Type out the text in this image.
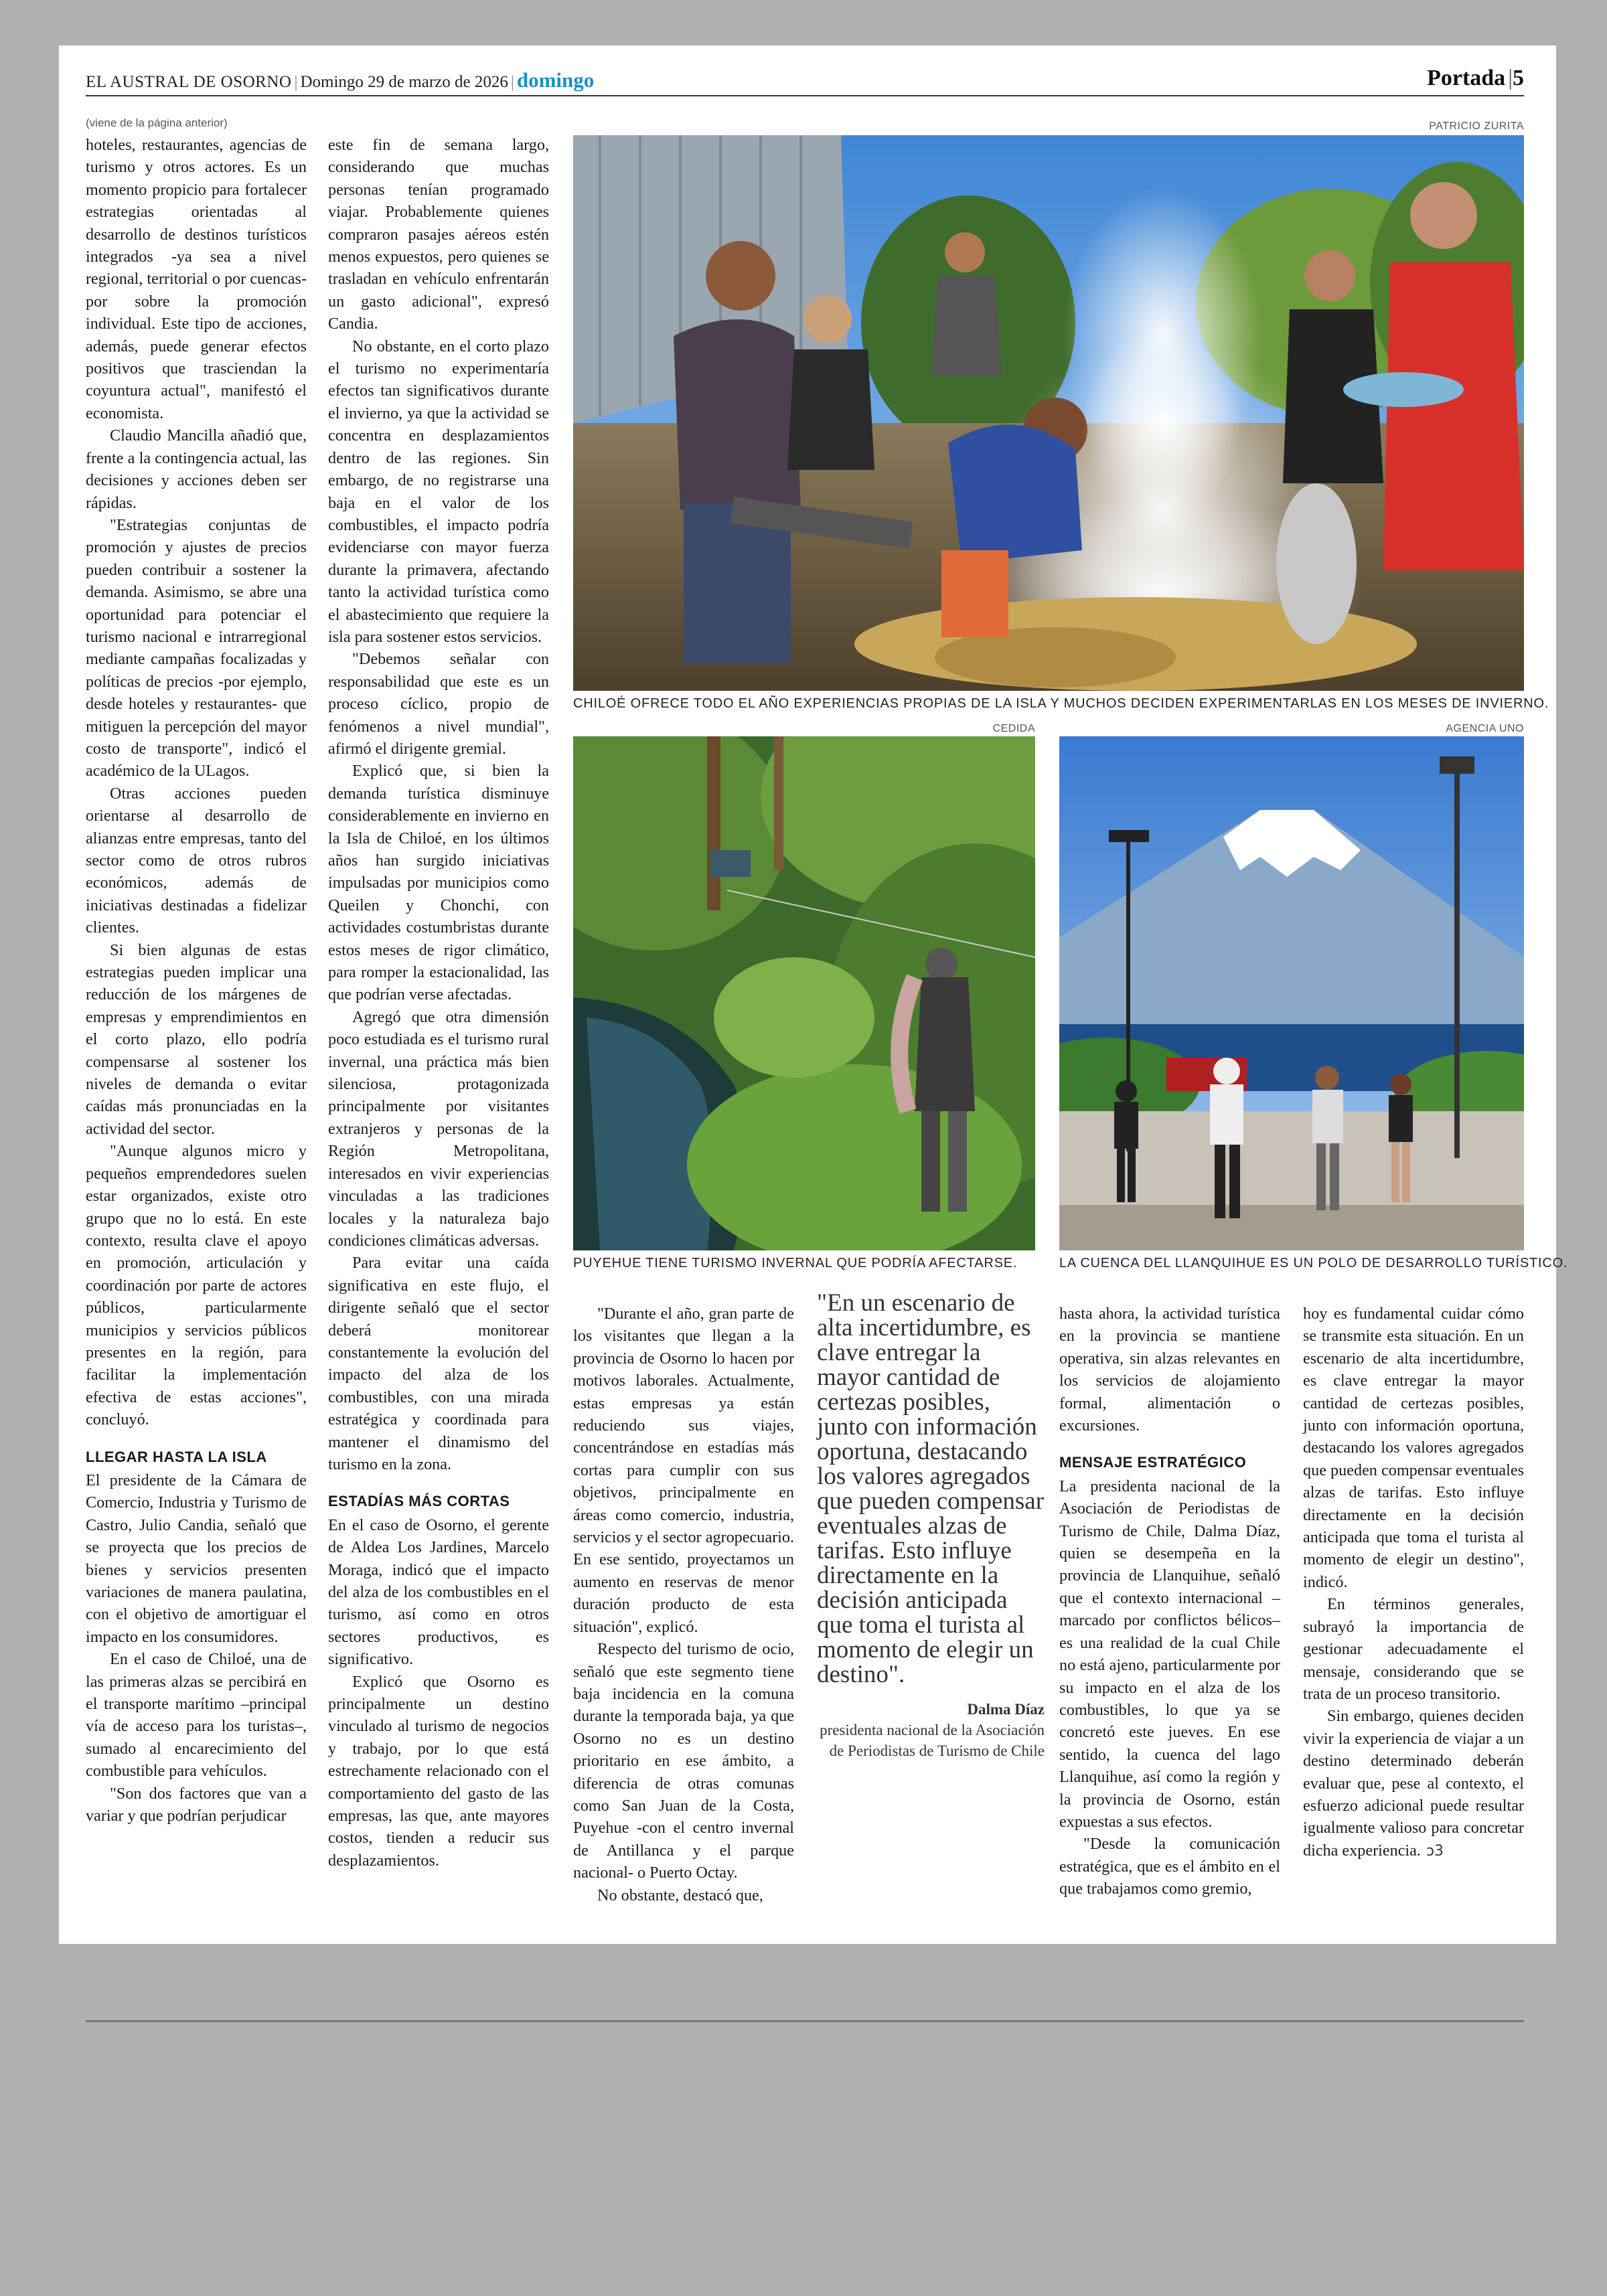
EL AUSTRAL DE OSORNO | Domingo 29 de marzo de 2026 | domingo	Portada |5
(viene de la página anterior)	PATRICIO ZURITA

hoteles, restaurantes, agencias de turismo y otros actores. Es un momento propicio para fortalecer estrategias orientadas al desarrollo de destinos turísticos integrados -ya sea a nivel regional, territorial o por cuencas- por sobre la promoción individual. Este tipo de acciones, además, puede generar efectos positivos que trasciendan la coyuntura actual", manifestó el economista.

Claudio Mancilla añadió que, frente a la contingencia actual, las decisiones y acciones deben ser rápidas.

"Estrategias conjuntas de promoción y ajustes de precios pueden contribuir a sostener la demanda. Asimismo, se abre una oportunidad para potenciar el turismo nacional e intrarregional mediante campañas focalizadas y políticas de precios -por ejemplo, desde hoteles y restaurantes- que mitiguen la percepción del mayor costo de transporte", indicó el académico de la ULagos.

Otras acciones pueden orientarse al desarrollo de alianzas entre empresas, tanto del sector como de otros rubros económicos, además de iniciativas destinadas a fidelizar clientes.

Si bien algunas de estas estrategias pueden implicar una reducción de los márgenes de empresas y emprendimientos en el corto plazo, ello podría compensarse al sostener los niveles de demanda o evitar caídas más pronunciadas en la actividad del sector.

"Aunque algunos micro y pequeños emprendedores suelen estar organizados, existe otro grupo que no lo está. En este contexto, resulta clave el apoyo en promoción, articulación y coordinación por parte de actores públicos, particularmente municipios y servicios públicos presentes en la región, para facilitar la implementación efectiva de estas acciones", concluyó.

LLEGAR HASTA LA ISLA

El presidente de la Cámara de Comercio, Industria y Turismo de Castro, Julio Candia, señaló que se proyecta que los precios de bienes y servicios presenten variaciones de manera paulatina, con el objetivo de amortiguar el impacto en los consumidores.

En el caso de Chiloé, una de las primeras alzas se percibirá en el transporte marítimo –principal vía de acceso para los turistas–, sumado al encarecimiento del combustible para vehículos.

"Son dos factores que van a variar y que podrían perjudicar

este fin de semana largo, considerando que muchas personas tenían programado viajar. Probablemente quienes compraron pasajes aéreos estén menos expuestos, pero quienes se trasladan en vehículo enfrentarán un gasto adicional", expresó Candia.

No obstante, en el corto plazo el turismo no experimentaría efectos tan significativos durante el invierno, ya que la actividad se concentra en desplazamientos dentro de las regiones. Sin embargo, de no registrarse una baja en el valor de los combustibles, el impacto podría evidenciarse con mayor fuerza durante la primavera, afectando tanto la actividad turística como el abastecimiento que requiere la isla para sostener estos servicios.

"Debemos señalar con responsabilidad que este es un proceso cíclico, propio de fenómenos a nivel mundial", afirmó el dirigente gremial.

Explicó que, si bien la demanda turística disminuye considerablemente en invierno en la Isla de Chiloé, en los últimos años han surgido iniciativas impulsadas por municipios como Queilen y Chonchi, con actividades costumbristas durante estos meses de rigor climático, para romper la estacionalidad, las que podrían verse afectadas.

Agregó que otra dimensión poco estudiada es el turismo rural invernal, una práctica más bien silenciosa, protagonizada principalmente por visitantes extranjeros y personas de la Región Metropolitana, interesados en vivir experiencias vinculadas a las tradiciones locales y la naturaleza bajo condiciones climáticas adversas.

Para evitar una caída significativa en este flujo, el dirigente señaló que el sector deberá monitorear constantemente la evolución del impacto del alza de los combustibles, con una mirada estratégica y coordinada para mantener el dinamismo del turismo en la zona.

ESTADÍAS MÁS CORTAS

En el caso de Osorno, el gerente de Aldea Los Jardines, Marcelo Moraga, indicó que el impacto del alza de los combustibles en el turismo, así como en otros sectores productivos, es significativo.

Explicó que Osorno es principalmente un destino vinculado al turismo de negocios y trabajo, por lo que está estrechamente relacionado con el comportamiento del gasto de las empresas, las que, ante mayores costos, tienden a reducir sus desplazamientos.

CHILOÉ OFRECE TODO EL AÑO EXPERIENCIAS PROPIAS DE LA ISLA Y MUCHOS DECIDEN EXPERIMENTARLAS EN LOS MESES DE INVIERNO.
CEDIDA
PUYEHUE TIENE TURISMO INVERNAL QUE PODRÍA AFECTARSE.
AGENCIA UNO
LA CUENCA DEL LLANQUIHUE ES UN POLO DE DESARROLLO TURÍSTICO.

"Durante el año, gran parte de los visitantes que llegan a la provincia de Osorno lo hacen por motivos laborales. Actualmente, estas empresas ya están reduciendo sus viajes, concentrándose en estadías más cortas para cumplir con sus objetivos, principalmente en áreas como comercio, industria, servicios y el sector agropecuario. En ese sentido, proyectamos un aumento en reservas de menor duración producto de esta situación", explicó.

Respecto del turismo de ocio, señaló que este segmento tiene baja incidencia en la comuna durante la temporada baja, ya que Osorno no es un destino prioritario en ese ámbito, a diferencia de otras comunas como San Juan de la Costa, Puyehue -con el centro invernal de Antillanca y el parque nacional- o Puerto Octay.

No obstante, destacó que,

"En un escenario de alta incertidumbre, es clave entregar la mayor cantidad de certezas posibles, junto con información oportuna, destacando los valores agregados que pueden compensar eventuales alzas de tarifas. Esto influye directamente en la decisión anticipada que toma el turista al momento de elegir un destino".
Dalma Díaz
presidenta nacional de la Asociación de Periodistas de Turismo de Chile

hasta ahora, la actividad turística en la provincia se mantiene operativa, sin alzas relevantes en los servicios de alojamiento formal, alimentación o excursiones.

MENSAJE ESTRATÉGICO

La presidenta nacional de la Asociación de Periodistas de Turismo de Chile, Dalma Díaz, quien se desempeña en la provincia de Llanquihue, señaló que el contexto internacional –marcado por conflictos bélicos– es una realidad de la cual Chile no está ajeno, particularmente por su impacto en el alza de los combustibles, lo que ya se concretó este jueves. En ese sentido, la cuenca del lago Llanquihue, así como la región y la provincia de Osorno, están expuestas a sus efectos.

"Desde la comunicación estratégica, que es el ámbito en el que trabajamos como gremio,

hoy es fundamental cuidar cómo se transmite esta situación. En un escenario de alta incertidumbre, es clave entregar la mayor cantidad de certezas posibles, junto con información oportuna, destacando los valores agregados que pueden compensar eventuales alzas de tarifas. Esto influye directamente en la decisión anticipada que toma el turista al momento de elegir un destino", indicó.

En términos generales, subrayó la importancia de gestionar adecuadamente el mensaje, considerando que se trata de un proceso transitorio.

Sin embargo, quienes deciden vivir la experiencia de viajar a un destino determinado deberán evaluar que, pese al contexto, el esfuerzo adicional puede resultar igualmente valioso para concretar dicha experiencia. ↄ3
